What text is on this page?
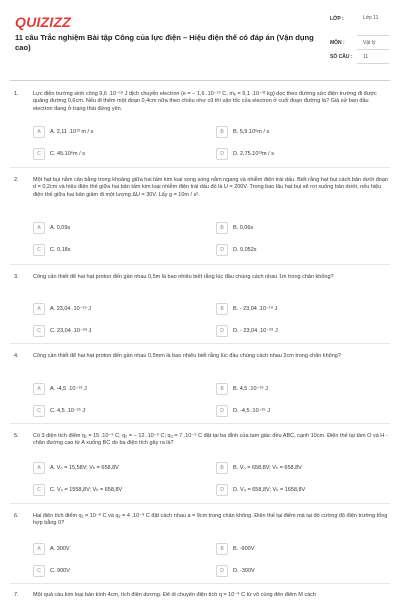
QUIZIZZ
11 câu Trắc nghiệm Bài tập Công của lực điện – Hiệu điện thế có đáp án (Vận dụng cao)
LỚP :	Lớp 11
MÔN :	Vật lý
SỐ CÂU : 11
1.	Lực điện trường sinh công 9,6 .10⁻¹⁸ J dịch chuyển electron (e = − 1,6 .10⁻¹⁹ C, mₑ = 9,1 .10⁻³¹ kg) dọc theo đường sức điện trường đi được quãng đường 0,6cm. Nếu đi thêm một đoạn 0,4cm nữa theo chiều như cũ thì vận tốc của electron ở cuối đoạn đường là? Giả sử ban đầu electron đang ở trạng thái đứng yên.
A	A. 2,11 .10¹³ m / s	B	B. 5,9.10⁶m / s
C	C. 45.10⁶m / s	D	D. 2,75.10¹³m / s
2.	Một hạt bụi nằm cân bằng trong khoảng giữa hai tấm kim loại song song nằm ngang và nhiễm điện trái dấu. Biết rằng hạt bụi cách bản dưới đoạn d = 0,2cm và hiệu điện thế giữa hai bản tấm kim loại nhiễm điện trái dấu đó là U = 200V. Trong bao lâu hạt bụi sẽ rơi xuống bản dưới, nếu hiệu điện thế giữa hai bản giảm đi một lượng ΔU = 30V. Lấy g = 10m / s².
A	A. 0,09s	B	B. 0,06s
C	C. 0,18s	D	D. 0,052s
3.	Công cần thiết để hai hạt proton đến gần nhau 0,5m là bao nhiêu biết rằng lúc đầu chúng cách nhau 1m trong chân không?
A	A. 23,04 .10⁻¹⁹ J	B	B. - 23,04 .10⁻¹⁹ J
C	C. 23,04 .10⁻²⁹ J	D	D. - 23,04 .10⁻²⁹ J
4.	Công cần thiết để hai hạt proton đến gần nhau 0,5mm là bao nhiêu biết rằng lúc đầu chúng cách nhau 2cm trong chân không?
A	A. -4,5 .10⁻¹⁹ J	B	B. 4,5 .10⁻¹⁹ J
C	C. 4,5 .10⁻²⁵ J	D	D. -4,5 .10⁻²⁵ J
5.	Có 3 điện tích điểm q₁ = 15 .10⁻⁹ C; q₂ = − 12 .10⁻⁹ C; q₃ = 7 .10⁻⁹ C đặt tại ba đỉnh của tam giác đều ABC, cạnh 10cm. Điện thế tại tâm O và H - chân đường cao từ A xuống BC do ba điện tích gây ra là?
A	A. V₀ = 15,58V; Vₕ = 658,8V	B	B. V₀ = 658,8V; Vₕ = 658,8V
C	C. V₀ = 1558,8V; Vₕ = 658,8V	D	D. V₀ = 658,8V; Vₕ = 1658,8V
6.	Hai điện tích điểm q₁ = 10⁻⁸ C và q₂ = 4 .10⁻⁸ C đặt cách nhau a = 9cm trong chân không. Điện thế tại điểm mà tại đó cường độ điện trường tổng hợp bằng 0?
A	A. 300V	B	B. -900V
C	C. 900V	D	D. -300V
7.	Một quả cầu kim loại bán kính 4cm, tích điện dương. Để di chuyển điện tích q = 10⁻⁹ C từ vô cùng đến điểm M cách
